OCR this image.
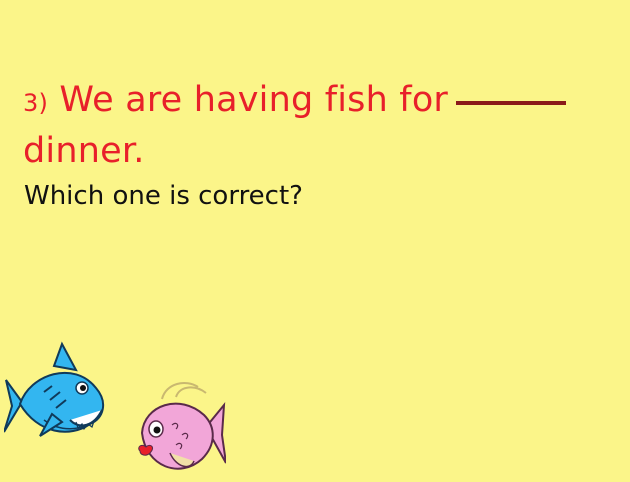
3) We are having fish for
dinner.
Which one is correct?
